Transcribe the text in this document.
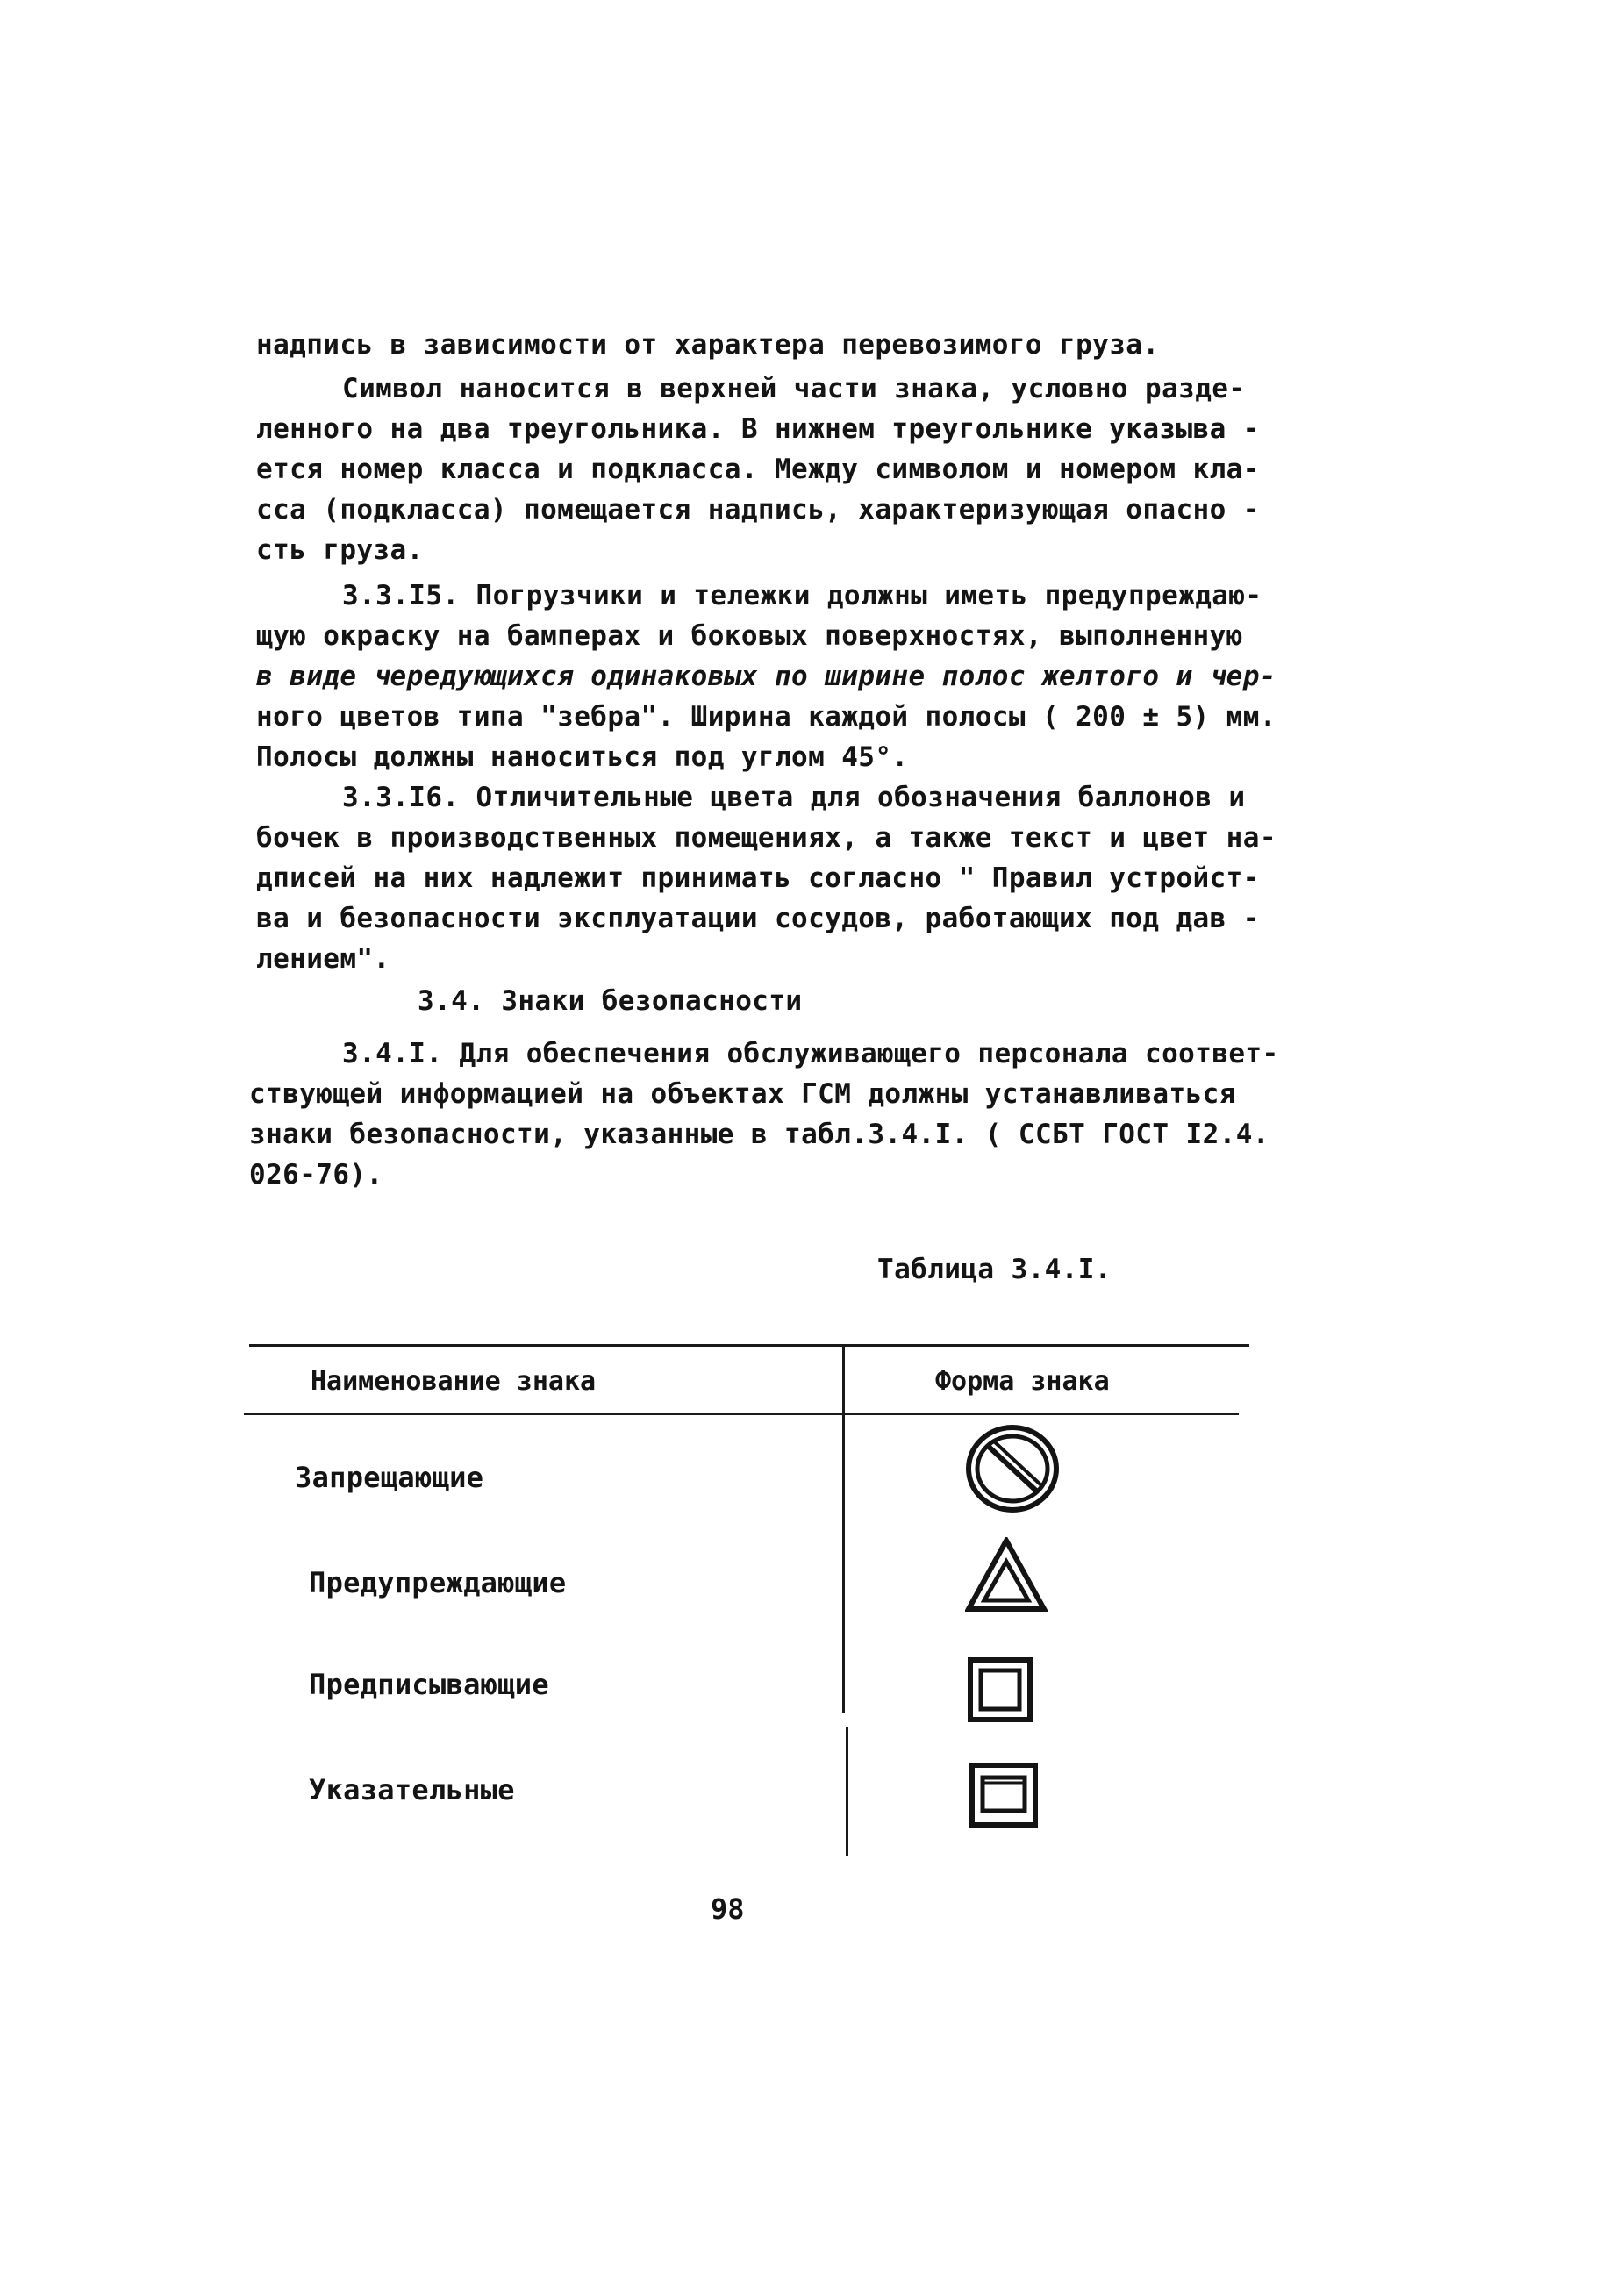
надпись в зависимости от характера перевозимого груза.
Символ наносится в верхней части знака, условно разде-
ленного на два треугольника. В нижнем треугольнике указыва -
ется номер класса и подкласса. Между символом и номером кла-
сса (подкласса) помещается надпись, характеризующая опасно -
сть груза.
3.3.I5. Погрузчики и тележки должны иметь предупреждаю-
щую окраску на бамперах и боковых поверхностях, выполненную
в виде чередующихся одинаковых по ширине полос желтого и чер-
ного цветов типа "зебра". Ширина каждой полосы ( 200 ± 5) мм.
Полосы должны наноситься под углом 45°.
3.3.I6. Отличительные цвета для обозначения баллонов и
бочек в производственных помещениях, а также текст и цвет на-
дписей на них надлежит принимать согласно " Правил устройст-
ва и безопасности эксплуатации сосудов, работающих под дав -
лением".
3.4. Знаки безопасности
3.4.I. Для обеспечения обслуживающего персонала соответ-
ствующей информацией на объектах ГСМ должны устанавливаться
знаки безопасности, указанные в табл.3.4.I. ( ССБТ ГОСТ I2.4.
026-76).
Таблица 3.4.I.
Наименование знака	Форма знака
Запрещающие
Предупреждающие
Предписывающие
Указательные
98
